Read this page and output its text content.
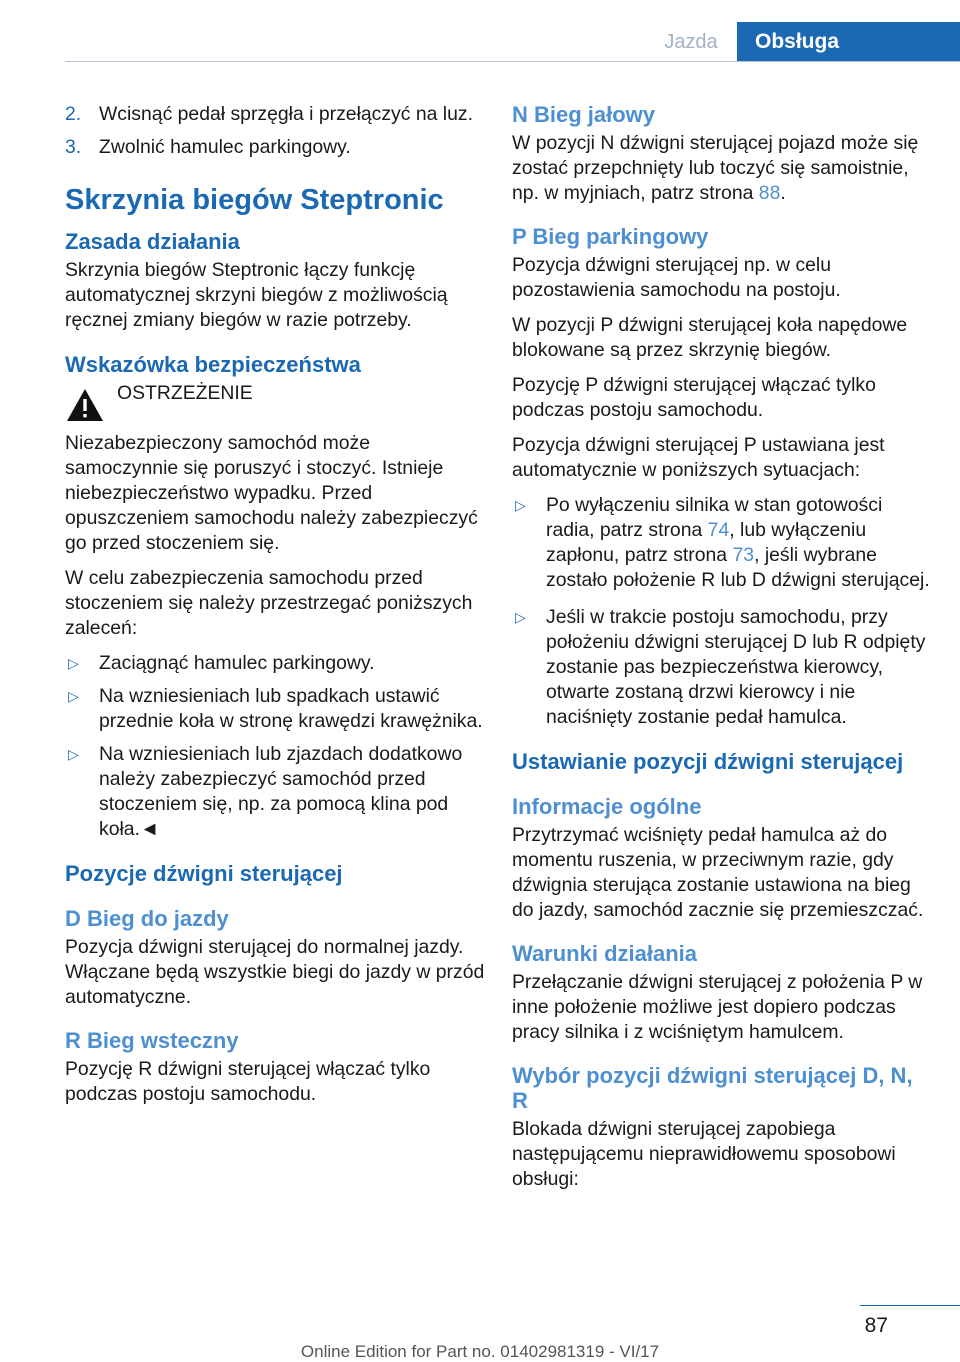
Jazda	Obsługa
2. Wcisnąć pedał sprzęgła i przełączyć na luz.
3. Zwolnić hamulec parkingowy.
Skrzynia biegów Steptronic
Zasada działania

Skrzynia biegów Steptronic łączy funkcję automatycznej skrzyni biegów z możliwością ręcznej zmiany biegów w razie potrzeby.

Wskazówka bezpieczeństwa

OSTRZEŻENIE

Niezabezpieczony samochód może samoczynnie się poruszyć i stoczyć. Istnieje niebezpieczeństwo wypadku. Przed opuszczeniem samochodu należy zabezpieczyć go przed stoczeniem się.

W celu zabezpieczenia samochodu przed stoczeniem się należy przestrzegać poniższych zaleceń:

▷ Zaciągnąć hamulec parkingowy.
▷ Na wzniesieniach lub spadkach ustawić przednie koła w stronę krawędzi krawężnika.
▷ Na wzniesieniach lub zjazdach dodatkowo należy zabezpieczyć samochód przed stoczeniem się, np. za pomocą klina pod koła.◄
Pozycje dźwigni sterującej
D Bieg do jazdy

Pozycja dźwigni sterującej do normalnej jazdy. Włączane będą wszystkie biegi do jazdy w przód automatyczne.

R Bieg wsteczny

Pozycję R dźwigni sterującej włączać tylko podczas postoju samochodu.

N Bieg jałowy

W pozycji N dźwigni sterującej pojazd może się zostać przepchnięty lub toczyć się samoistnie, np. w myjniach, patrz strona 88.

P Bieg parkingowy

Pozycja dźwigni sterującej np. w celu pozostawienia samochodu na postoju.

W pozycji P dźwigni sterującej koła napędowe blokowane są przez skrzynię biegów.

Pozycję P dźwigni sterującej włączać tylko podczas postoju samochodu.

Pozycja dźwigni sterującej P ustawiana jest automatycznie w poniższych sytuacjach:

▷ Po wyłączeniu silnika w stan gotowości radia, patrz strona 74, lub wyłączeniu zapłonu, patrz strona 73, jeśli wybrane zostało położenie R lub D dźwigni sterującej.
▷ Jeśli w trakcie postoju samochodu, przy położeniu dźwigni sterującej D lub R odpięty zostanie pas bezpieczeństwa kierowcy, otwarte zostaną drzwi kierowcy i nie naciśnięty zostanie pedał hamulca.
Ustawianie pozycji dźwigni sterującej
Informacje ogólne

Przytrzymać wciśnięty pedał hamulca aż do momentu ruszenia, w przeciwnym razie, gdy dźwignia sterująca zostanie ustawiona na bieg do jazdy, samochód zacznie się przemieszczać.

Warunki działania

Przełączanie dźwigni sterującej z położenia P w inne położenie możliwe jest dopiero podczas pracy silnika i z wciśniętym hamulcem.

Wybór pozycji dźwigni sterującej D, N, R

Blokada dźwigni sterującej zapobiega następującemu nieprawidłowemu sposobowi obsługi:

87
Online Edition for Part no. 01402981319 - VI/17
